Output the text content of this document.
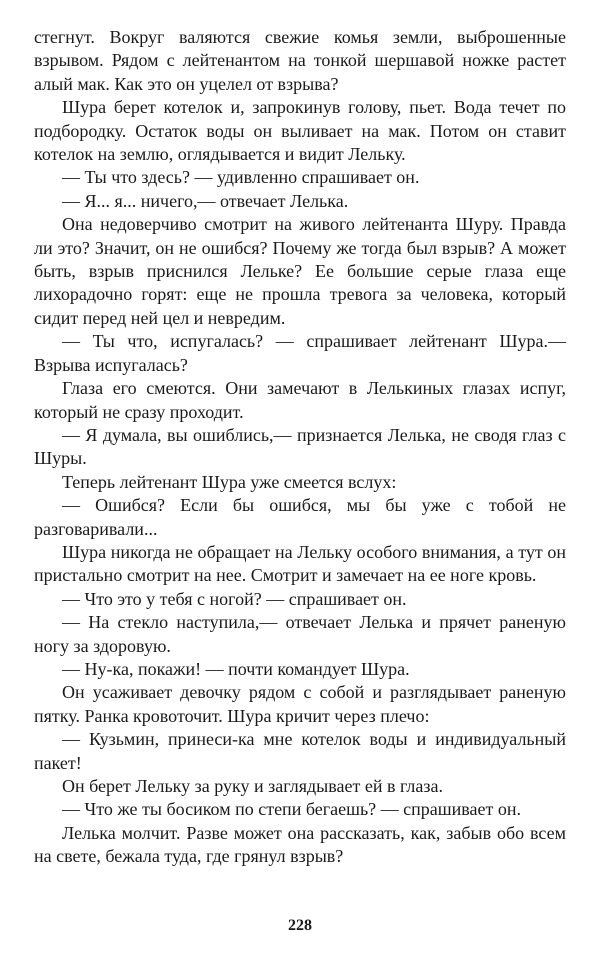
стегнут. Вокруг валяются свежие комья земли, выброшенные взрывом. Рядом с лейтенантом на тонкой шершавой ножке растет алый мак. Как это он уцелел от взрыва?

Шура берет котелок и, запрокинув голову, пьет. Вода течет по подбородку. Остаток воды он выливает на мак. Потом он ставит котелок на землю, оглядывается и видит Лельку.

— Ты что здесь? — удивленно спрашивает он.

— Я... я... ничего,— отвечает Лелька.

Она недоверчиво смотрит на живого лейтенанта Шуру. Правда ли это? Значит, он не ошибся? Почему же тогда был взрыв? А может быть, взрыв приснился Лельке? Ее большие серые глаза еще лихорадочно горят: еще не прошла тревога за человека, который сидит перед ней цел и невредим.

— Ты что, испугалась? — спрашивает лейтенант Шура.— Взрыва испугалась?

Глаза его смеются. Они замечают в Лелькиных глазах испуг, который не сразу проходит.

— Я думала, вы ошиблись,— признается Лелька, не сводя глаз с Шуры.

Теперь лейтенант Шура уже смеется вслух:

— Ошибся? Если бы ошибся, мы бы уже с тобой не разговаривали...

Шура никогда не обращает на Лельку особого внимания, а тут он пристально смотрит на нее. Смотрит и замечает на ее ноге кровь.

— Что это у тебя с ногой? — спрашивает он.

— На стекло наступила,— отвечает Лелька и прячет раненую ногу за здоровую.

— Ну-ка, покажи! — почти командует Шура.

Он усаживает девочку рядом с собой и разглядывает раненую пятку. Ранка кровоточит. Шура кричит через плечо:

— Кузьмин, принеси-ка мне котелок воды и индивидуальный пакет!

Он берет Лельку за руку и заглядывает ей в глаза.

— Что же ты босиком по степи бегаешь? — спрашивает он.

Лелька молчит. Разве может она рассказать, как, забыв обо всем на свете, бежала туда, где грянул взрыв?

228
